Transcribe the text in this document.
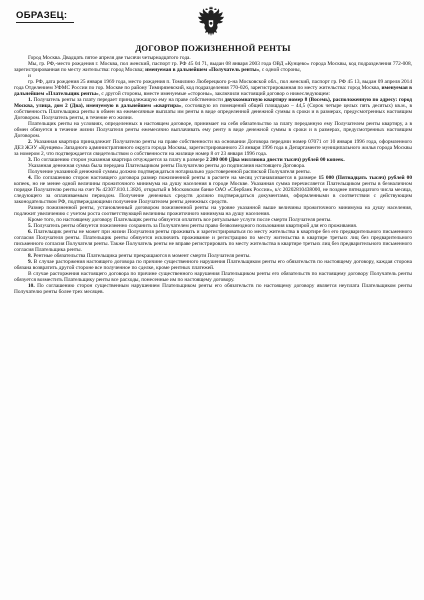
ОБРАЗЕЦ:
ДОГОВОР ПОЖИЗНЕННОЙ РЕНТЫ

Город Москва. Двадцать пятое апреля две тысячи четырнадцатого года.

Мы, гр. РФ,-место рождения г. Москва, пол женский, паспорт гр. РФ 45 04 71, выдан 08 января 2003 года ОВД «Кунцево» города Москвы, код подразделения 772-008, зарегистрированная по месту жительства: город Москва; именуемая в дальнейшем «Получатель ренты», с одной стороны,

и

гр. РФ, дата рождения 25 января 1969 года, место рождения п. Томилино Люберецкого р-на Московской обл., пол женский, паспорт гр. РФ 45 13, выдан 09 апреля 2014 года Отделением УФМС России по гор. Москве по району Тимирязевский, код подразделения 770-026, зарегистрированная по месту жительства: город Москва, именуемая в дальнейшем «Плательщик ренты», с другой стороны, вместе именуемые «стороны», заключили настоящий договор о нижеследующем:

1. Получатель ренты за плату передает принадлежащую ему на праве собственности двухкомнатную квартиру номер 8 (Восемь), расположенную по адресу: город Москва, улица, дом 2 (Два), именуемую в дальнейшем «квартира», состоящую из помещений общей площадью – 44,5 (Сорок четыре целых пять десятых) кв.м., в собственность Плательщика ренты в обмен на ежемесячные выплаты им ренты в виде определенной денежной суммы в сроки и в размерах, предусмотренных настоящим Договором. Получатель ренты, в течение его жизни.

Плательщик ренты на условиях, определенных в настоящем договоре, принимает на себя обязательство за плату переданную ему Получателем ренты квартиру, а в обмен обязуется в течение жизни Получателя ренты ежемесячно выплачивать ему ренту в виде денежной суммы в сроки и в размерах, предусмотренных настоящим Договором.

2. Указанная квартира принадлежит Получателю ренты на праве собственности на основании Договора передачи номер 07071 от 10 января 1996 года, оформленного ДЕЗ ЖЭУ «Кунцево» Западного административного округа города Москвы, зарегистрированного 23 января 1996 года в Департаменте муниципального жилья города Москвы за номером 2, что подтверждается свидетельством о собственности на жилище номер 8 от 23 января 1996 года.

3. По соглашению сторон указанная квартира отчуждается за плату в размере 2 200 000 (Два миллиона двести тысяч) рублей 00 копеек.

Указанная денежная сумма была передана Плательщиком ренты Получателю ренты до подписания настоящего Договора.

Получение указанной денежной суммы должно подтверждаться нотариально удостоверенной распиской Получателя ренты.

4. По соглашению сторон настоящего договора размер пожизненной ренты в расчете на месяц устанавливается в размере 15 000 (Пятнадцать тысяч) рублей 00 копеек, но не менее одной величины прожиточного минимума на душу населения в городе Москве. Указанная сумма перечисляется Плательщиком ренты в безналичном порядке Получателю ренты на счет № 42307.810.1.3826, открытый в Московском банке ОАО «Сбербанк России», к/с 20202810438000, не позднее пятнадцатого числа месяца, следующего за оплачиваемым периодом. Получение денежных средств должно подтверждаться документами, оформленными в соответствии с действующим законодательством РФ, подтверждающими получение Получателем ренты денежных средств.

Размер пожизненной ренты, установленный договором пожизненной ренты на уровне указанной выше величины прожиточного минимума на душу населения, подлежит увеличению с учетом роста соответствующей величины прожиточного минимума на душу населения.

Кроме того, по настоящему договору Плательщик ренты обязуется оплатить все ритуальные услуги после смерти Получателя ренты.

5. Получатель ренты обязуется пожизненно сохранить за Получателем ренты право безвозмездного пользования квартирой для его проживания.

6. Плательщик ренты не может при жизни Получателя ренты проживать и зарегистрироваться по месту жительства в квартире без его предварительного письменного согласия Получателя ренты. Плательщик ренты обязуется исключить проживание и регистрацию по месту жительства в квартире третьих лиц без предварительного письменного согласия Получателя ренты. Также Получатель ренты не вправе регистрировать по месту жительства в квартире третьих лиц без предварительного письменного согласия Плательщика ренты.

8. Рентные обязательства Плательщика ренты прекращаются в момент смерти Получателя ренты.

9. В случае расторжения настоящего договора по причине существенного нарушения Плательщиком ренты его обязательств по настоящему договору, каждая сторона обязана возвратить другой стороне все полученное по сделке, кроме рентных платежей.

В случае расторжения настоящего договора по причине существенного нарушения Плательщиком ренты его обязательств по настоящему договору Получатель ренты обязуется возместить Плательщику ренты все расходы, понесенные им по настоящему договору.

10. По соглашению сторон существенным нарушением Плательщиком ренты его обязательств по настоящему договору является неуплата Плательщиком ренты Получателю ренты более трех месяцев.
